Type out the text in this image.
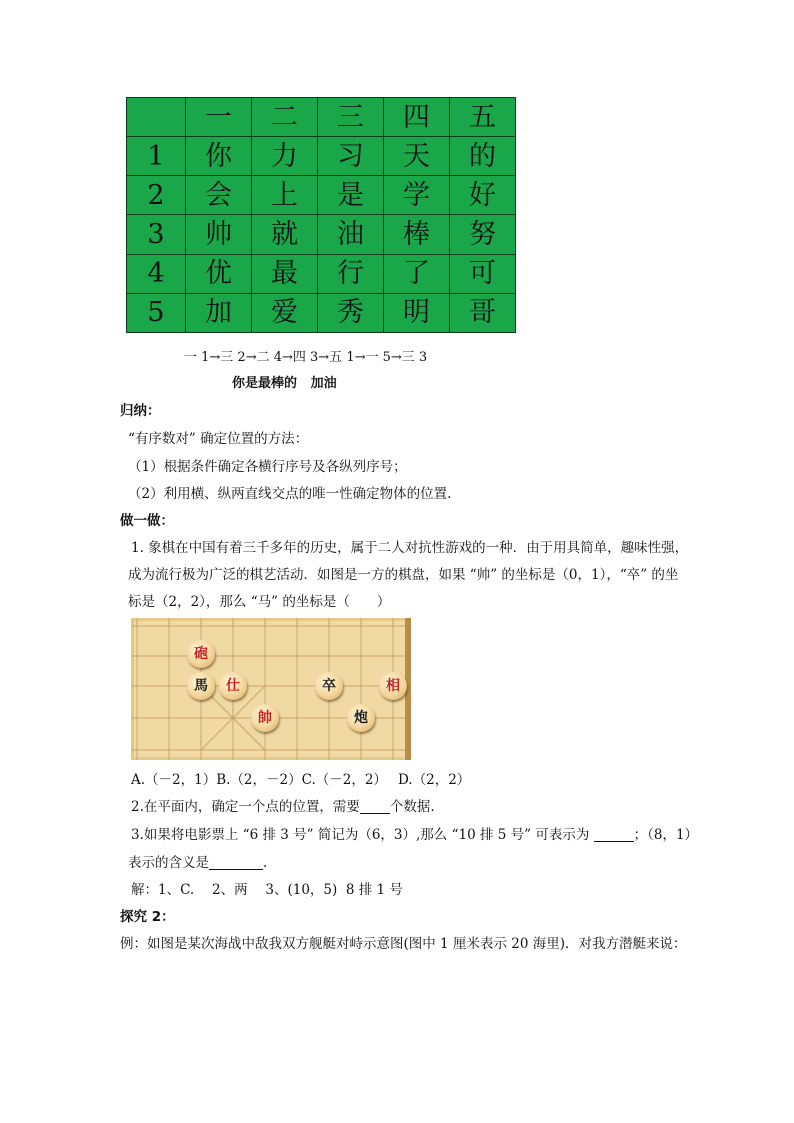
	一	二	三	四	五
1	你	力	习	天	的
2	会	上	是	学	好
3	帅	就	油	棒	努
4	优	最	行	了	可
5	加	爱	秀	明	哥
一 1→三 2→二 4→四 3→五 1→一 5→三 3
你是最棒的   加油
归纳：
“有序数对” 确定位置的方法：
（1）根据条件确定各横行序号及各纵列序号；
（2）利用横、纵两直线交点的唯一性确定物体的位置.
做一做：
1. 象棋在中国有着三千多年的历史，属于二人对抗性游戏的一种．由于用具简单，趣味性强，
成为流行极为广泛的棋艺活动．如图是一方的棋盘，如果 “帅” 的坐标是（0，1），“卒” 的坐
标是（2，2），那么 “马” 的坐标是（　　）
砲
馬	仕
帥
卒
炮
相
A.（－2，1）B.（2，－2）C.（－2，2）　 D.（2，2）
2.在平面内，确定一个点的位置，需要 个数据.
3.如果将电影票上 “6 排 3 号” 简记为（6，3）,那么 “10 排 5 号” 可表示为	；（8，1）
表示的含义是	.
解：1、C.　 2、两　 3、(10，5)  8 排 1 号
探究 2：
例：如图是某次海战中敌我双方舰艇对峙示意图(图中 1 厘米表示 20 海里)．对我方潜艇来说：
